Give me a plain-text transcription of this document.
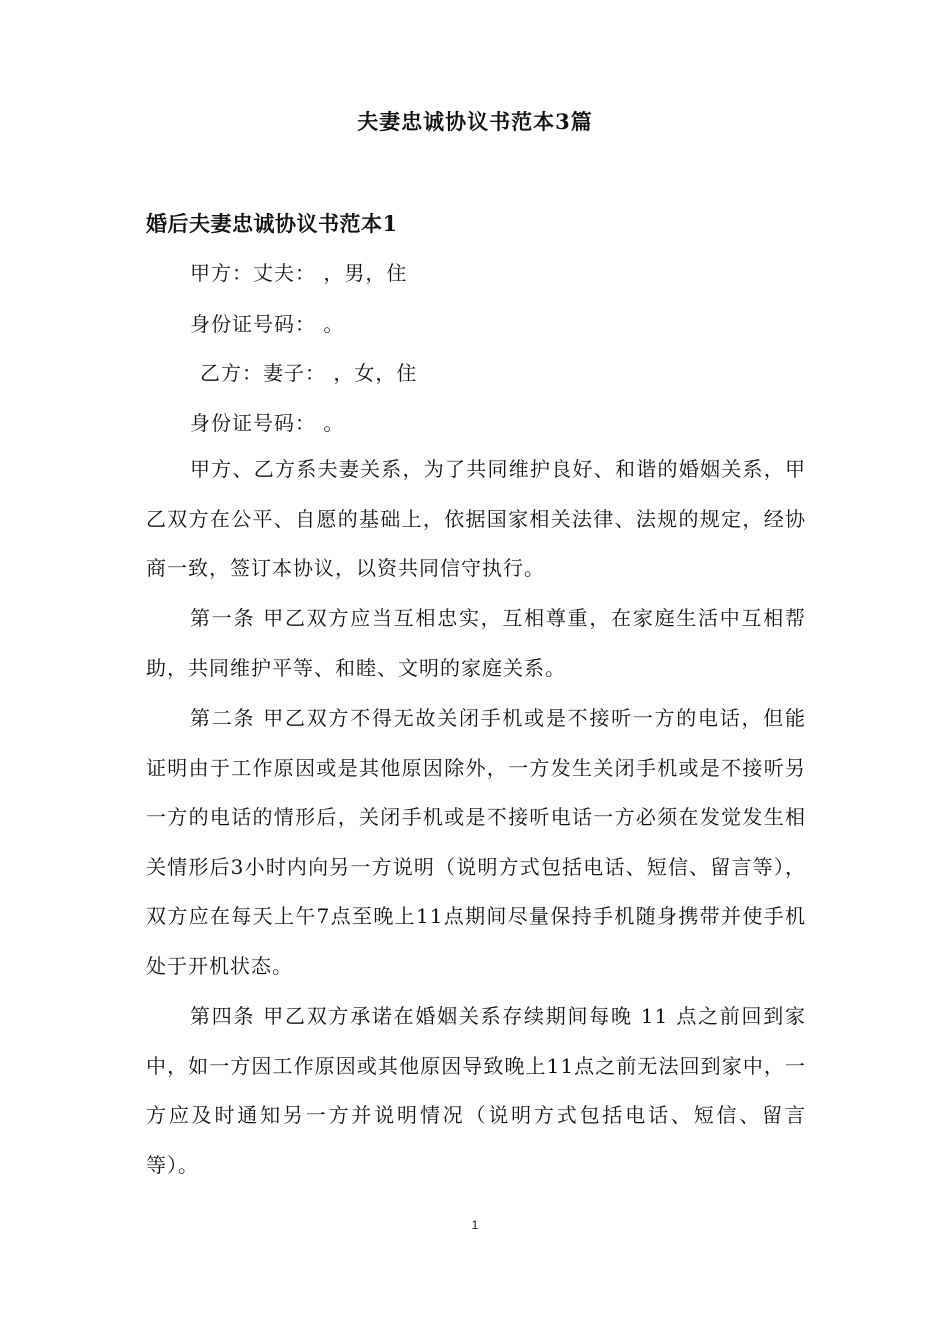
夫妻忠诚协议书范本3篇
婚后夫妻忠诚协议书范本1
甲方：丈夫： ，男，住
身份证号码： 。
乙方：妻子： ，女，住
身份证号码： 。
甲方、乙方系夫妻关系，为了共同维护良好、和谐的婚姻关系，甲乙双方在公平、自愿的基础上，依据国家相关法律、法规的规定，经协商一致，签订本协议，以资共同信守执行。
第一条 甲乙双方应当互相忠实，互相尊重，在家庭生活中互相帮助，共同维护平等、和睦、文明的家庭关系。
第二条 甲乙双方不得无故关闭手机或是不接听一方的电话，但能证明由于工作原因或是其他原因除外，一方发生关闭手机或是不接听另一方的电话的情形后，关闭手机或是不接听电话一方必须在发觉发生相关情形后3小时内向另一方说明（说明方式包括电话、短信、留言等），双方应在每天上午7点至晚上11点期间尽量保持手机随身携带并使手机处于开机状态。
第四条 甲乙双方承诺在婚姻关系存续期间每晚 11 点之前回到家中，如一方因工作原因或其他原因导致晚上11点之前无法回到家中，一方应及时通知另一方并说明情况（说明方式包括电话、短信、留言等）。
1
